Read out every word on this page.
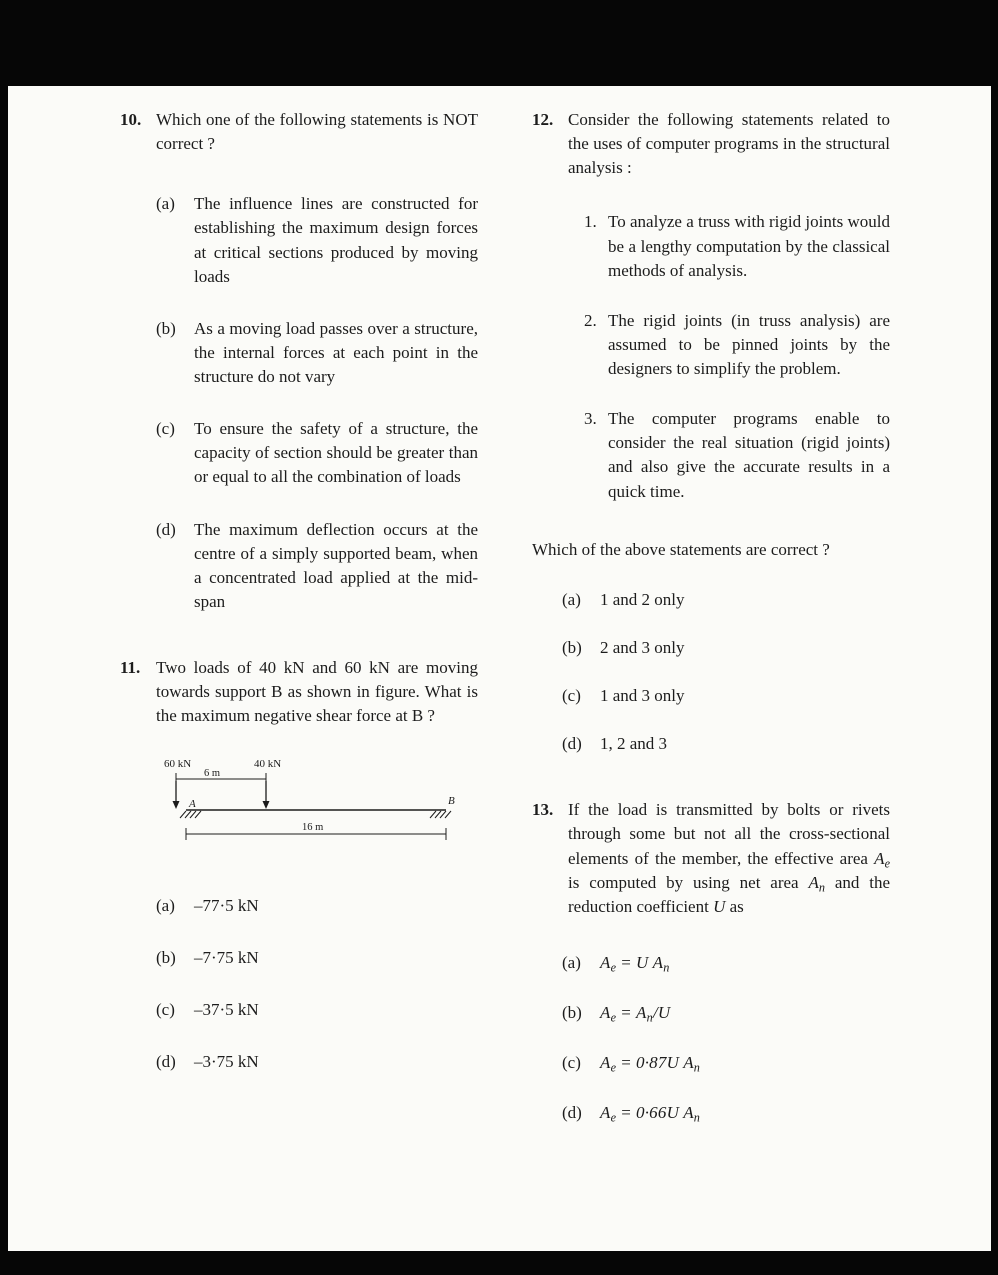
10. Which one of the following statements is NOT correct ?
(a)	The influence lines are constructed for establishing the maximum design forces at critical sections produced by moving loads
(b)	As a moving load passes over a structure, the internal forces at each point in the structure do not vary
(c)	To ensure the safety of a structure, the capacity of section should be greater than or equal to all the combination of loads
(d)	The maximum deflection occurs at the centre of a simply supported beam, when a concentrated load applied at the mid-span
11. Two loads of 40 kN and 60 kN are moving towards support B as shown in figure. What is the maximum negative shear force at B ?
60 kN	40 kN
6 m
A	B
16 m
(a)	–77·5 kN
(b)	–7·75 kN
(c)	–37·5 kN
(d)	–3·75 kN
12. Consider the following statements related to the uses of computer programs in the structural analysis :
1. To analyze a truss with rigid joints would be a lengthy computation by the classical methods of analysis.
2. The rigid joints (in truss analysis) are assumed to be pinned joints by the designers to simplify the problem.
3. The computer programs enable to consider the real situation (rigid joints) and also give the accurate results in a quick time.
Which of the above statements are correct ?
(a)	1 and 2 only
(b)	2 and 3 only
(c)	1 and 3 only
(d)	1, 2 and 3
13. If the load is transmitted by bolts or rivets through some but not all the cross-sectional elements of the member, the effective area $A_e$ is computed by using net area $A_n$ and the reduction coefficient U as
(a)	$A_e = U$ $A_n$
(b)	$A_e = A_n/U$
(c)	$A_e = 0\cdot 87U$ $A_n$
(d)	$A_e = 0\cdot 66U$ $A_n$
